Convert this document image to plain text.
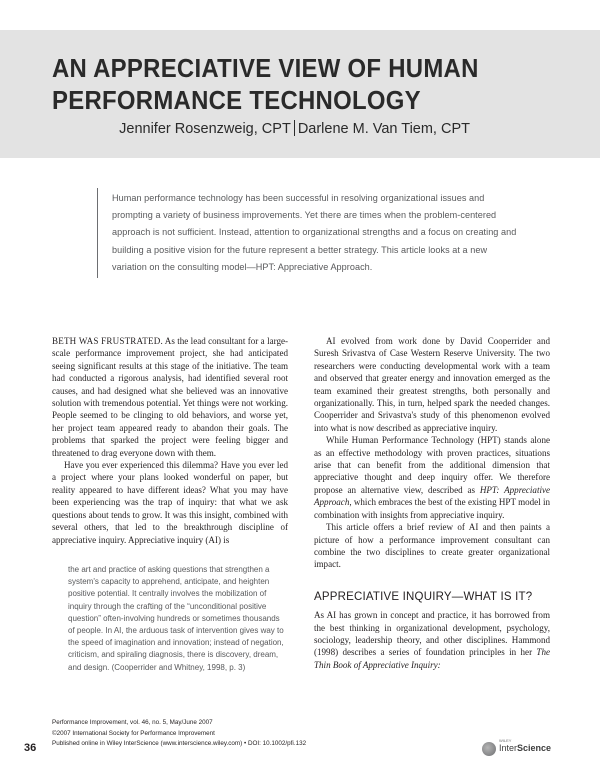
AN APPRECIATIVE VIEW OF HUMAN
PERFORMANCE TECHNOLOGY
Jennifer Rosenzweig, CPT Darlene M. Van Tiem, CPT
Human performance technology has been successful in resolving organizational issues and prompting a variety of business improvements. Yet there are times when the problem-centered approach is not sufficient. Instead, attention to organizational strengths and a focus on creating and building a positive vision for the future represent a better strategy. This article looks at a new variation on the consulting model—HPT: Appreciative Approach.

BETH WAS FRUSTRATED. As the lead consultant for a large-scale performance improvement project, she had anticipated seeing significant results at this stage of the initiative. The team had conducted a rigorous analysis, had identified several root causes, and had designed what she believed was an innovative solution with tremendous potential. Yet things were not working. People seemed to be clinging to old behaviors, and worse yet, her project team appeared ready to abandon their goals. The problems that sparked the project were feeling bigger and threatened to drag everyone down with them.

Have you ever experienced this dilemma? Have you ever led a project where your plans looked wonderful on paper, but reality appeared to have different ideas? What you may have been experiencing was the trap of inquiry: that what we ask questions about tends to grow. It was this insight, combined with several others, that led to the breakthrough discipline of appreciative inquiry. Appreciative inquiry (AI) is

the art and practice of asking questions that strengthen a system's capacity to apprehend, anticipate, and heighten positive potential. It centrally involves the mobilization of inquiry through the crafting of the “unconditional positive question” often-involving hundreds or sometimes thousands of people. In AI, the arduous task of intervention gives way to the speed of imagination and innovation; instead of negation, criticism, and spiraling diagnosis, there is discovery, dream, and design. (Cooperrider and Whitney, 1998, p. 3)

AI evolved from work done by David Cooperrider and Suresh Srivastva of Case Western Reserve University. The two researchers were conducting developmental work with a team and observed that greater energy and innovation emerged as the team examined their greatest strengths, both personally and organizationally. This, in turn, helped spark the needed changes. Cooperrider and Srivastva's study of this phenomenon evolved into what is now described as appreciative inquiry.

While Human Performance Technology (HPT) stands alone as an effective methodology with proven practices, situations arise that can benefit from the additional dimension that appreciative thought and deep inquiry offer. We therefore propose an alternative view, described as HPT: Appreciative Approach, which embraces the best of the existing HPT model in combination with insights from appreciative inquiry.

This article offers a brief review of AI and then paints a picture of how a performance improvement consultant can combine the two disciplines to create greater organizational impact.

APPRECIATIVE INQUIRY—WHAT IS IT?

As AI has grown in concept and practice, it has borrowed from the best thinking in organizational development, psychology, sociology, leadership theory, and other disciplines. Hammond (1998) describes a series of foundation principles in her The Thin Book of Appreciative Inquiry:

36
Performance Improvement, vol. 46, no. 5, May/June 2007
©2007 International Society for Performance Improvement
Published online in Wiley InterScience (www.interscience.wiley.com) • DOI: 10.1002/pfi.132	WILEY
InterScience
